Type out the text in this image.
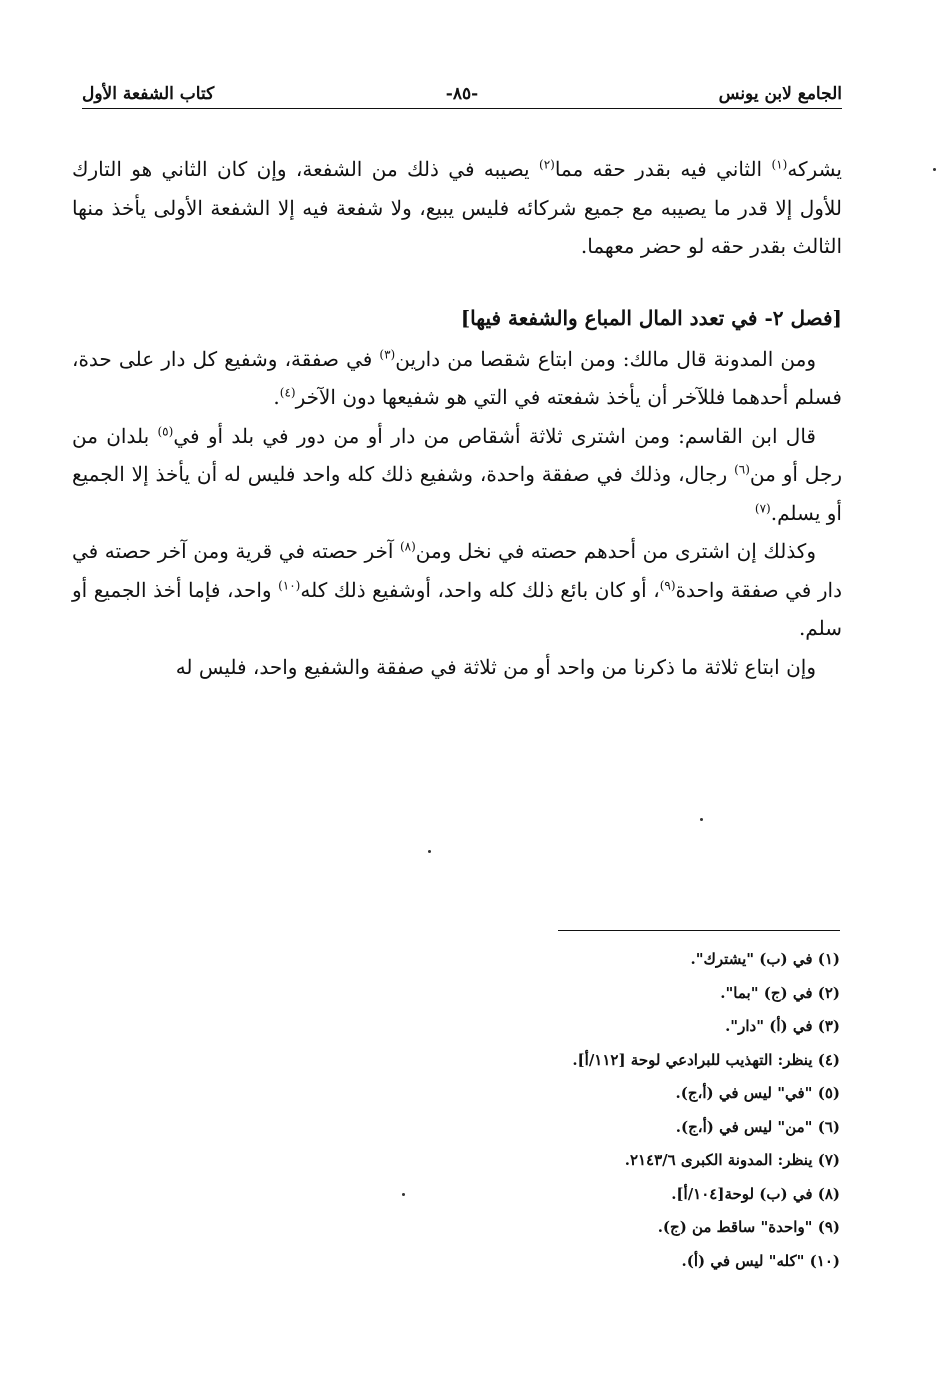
الجامع لابن يونس
-٨٥-
كتاب الشفعة الأول

يشركه$^{(١)}$ الثاني فيه بقدر حقه مما$^{(٢)}$ يصيبه في ذلك من الشفعة، وإن كان الثاني هو التارك للأول إلا قدر ما يصيبه مع جميع شركائه فليس يبيع، ولا شفعة فيه إلا الشفعة الأولى يأخذ منها الثالث بقدر حقه لو حضر معهما.

[فصل ٢- في تعدد المال المباع والشفعة فيها]

ومن المدونة قال مالك: ومن ابتاع شقصا من دارين$^{(٣)}$ في صفقة، وشفيع كل دار على حدة، فسلم أحدهما فللآخر أن يأخذ شفعته في التي هو شفيعها دون الآخر$^{(٤)}$.

قال ابن القاسم: ومن اشترى ثلاثة أشقاص من دار أو من دور في بلد أو في$^{(٥)}$ بلدان من رجل أو من$^{(٦)}$ رجال، وذلك في صفقة واحدة، وشفيع ذلك كله واحد فليس له أن يأخذ إلا الجميع أو يسلم.$^{(٧)}$

وكذلك إن اشترى من أحدهم حصته في نخل ومن$^{(٨)}$ آخر حصته في قرية ومن آخر حصته في دار في صفقة واحدة$^{(٩)}$، أو كان بائع ذلك كله واحد، أوشفيع ذلك كله$^{(١٠)}$ واحد، فإما أخذ الجميع أو سلم.

وإن ابتاع ثلاثة ما ذكرنا من واحد أو من ثلاثة في صفقة والشفيع واحد، فليس له

(١) في (ب) "يشترك".
(٢) في (ج) "بما".
(٣) في (أ) "دار".
(٤) ينظر: التهذيب للبرادعي لوحة [١١٢/أ].
(٥) "في" ليس في (أ،ج).
(٦) "من" ليس في (أ،ج).
(٧) ينظر: المدونة الكبرى ٢١٤٣/٦.
(٨) في (ب) لوحة[١٠٤/أ].
(٩) "واحدة" ساقط من (ج).
(١٠) "كله" ليس في (أ).
